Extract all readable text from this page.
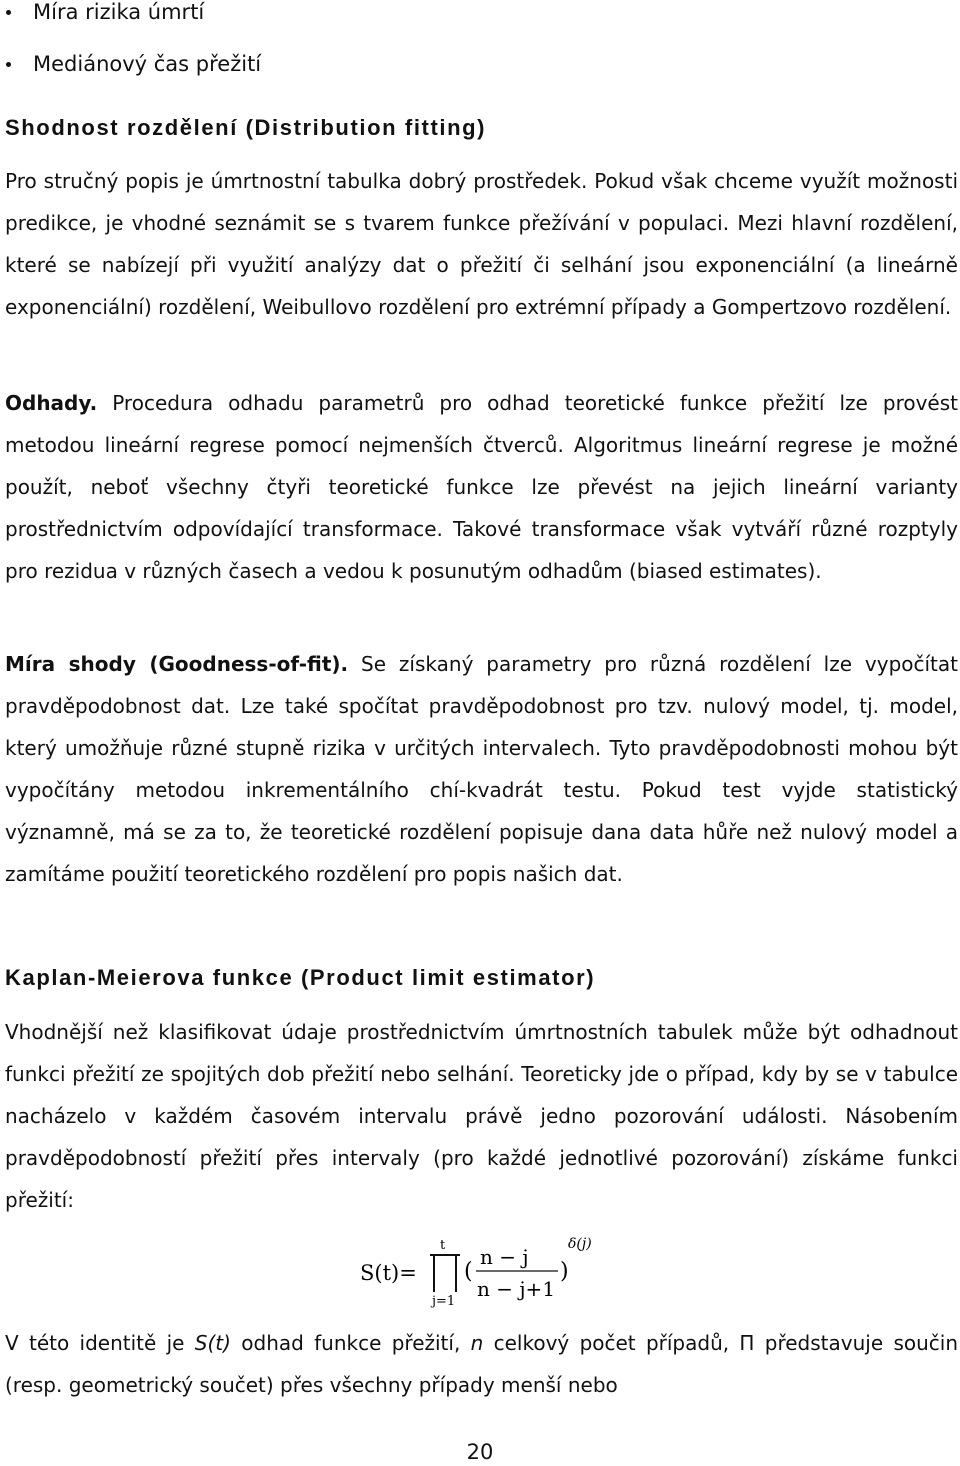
Míra rizika úmrtí
Mediánový čas přežití
Shodnost rozdělení (Distribution fitting)

Pro stručný popis je úmrtnostní tabulka dobrý prostředek. Pokud však chceme využít možnosti predikce, je vhodné seznámit se s tvarem funkce přežívání v populaci. Mezi hlavní rozdělení, které se nabízejí při využití analýzy dat o přežití či selhání jsou exponenciální (a lineárně exponenciální) rozdělení, Weibullovo rozdělení pro extrémní případy a Gompertzovo rozdělení.

Odhady. Procedura odhadu parametrů pro odhad teoretické funkce přežití lze provést metodou lineární regrese pomocí nejmenších čtverců. Algoritmus lineární regrese je možné použít, neboť všechny čtyři teoretické funkce lze převést na jejich lineární varianty prostřednictvím odpovídající transformace. Takové transformace však vytváří různé rozptyly pro rezidua v různých časech a vedou k posunutým odhadům (biased estimates).

Míra shody (Goodness-of-fit). Se získaný parametry pro různá rozdělení lze vypočítat pravděpodobnost dat. Lze také spočítat pravděpodobnost pro tzv. nulový model, tj. model, který umožňuje různé stupně rizika v určitých intervalech. Tyto pravděpodobnosti mohou být vypočítány metodou inkrementálního chí-kvadrát testu. Pokud test vyjde statistický významně, má se za to, že teoretické rozdělení popisuje dana data hůře než nulový model a zamítáme použití teoretického rozdělení pro popis našich dat.

Kaplan-Meierova funkce (Product limit estimator)

Vhodnější než klasifikovat údaje prostřednictvím úmrtnostních tabulek může být odhadnout funkci přežití ze spojitých dob přežití nebo selhání. Teoreticky jde o případ, kdy by se v tabulce nacházelo v každém časovém intervalu právě jedno pozorování události. Násobením pravděpodobností přežití přes intervaly (pro každé jednotlivé pozorování) získáme funkci přežití:

S(t)=
t
j=1
(
n − j
n − j+1
)
δ(j)

V této identitě je S(t) odhad funkce přežití, n celkový počet případů, Π představuje součin (resp. geometrický součet) přes všechny případy menší nebo

20
